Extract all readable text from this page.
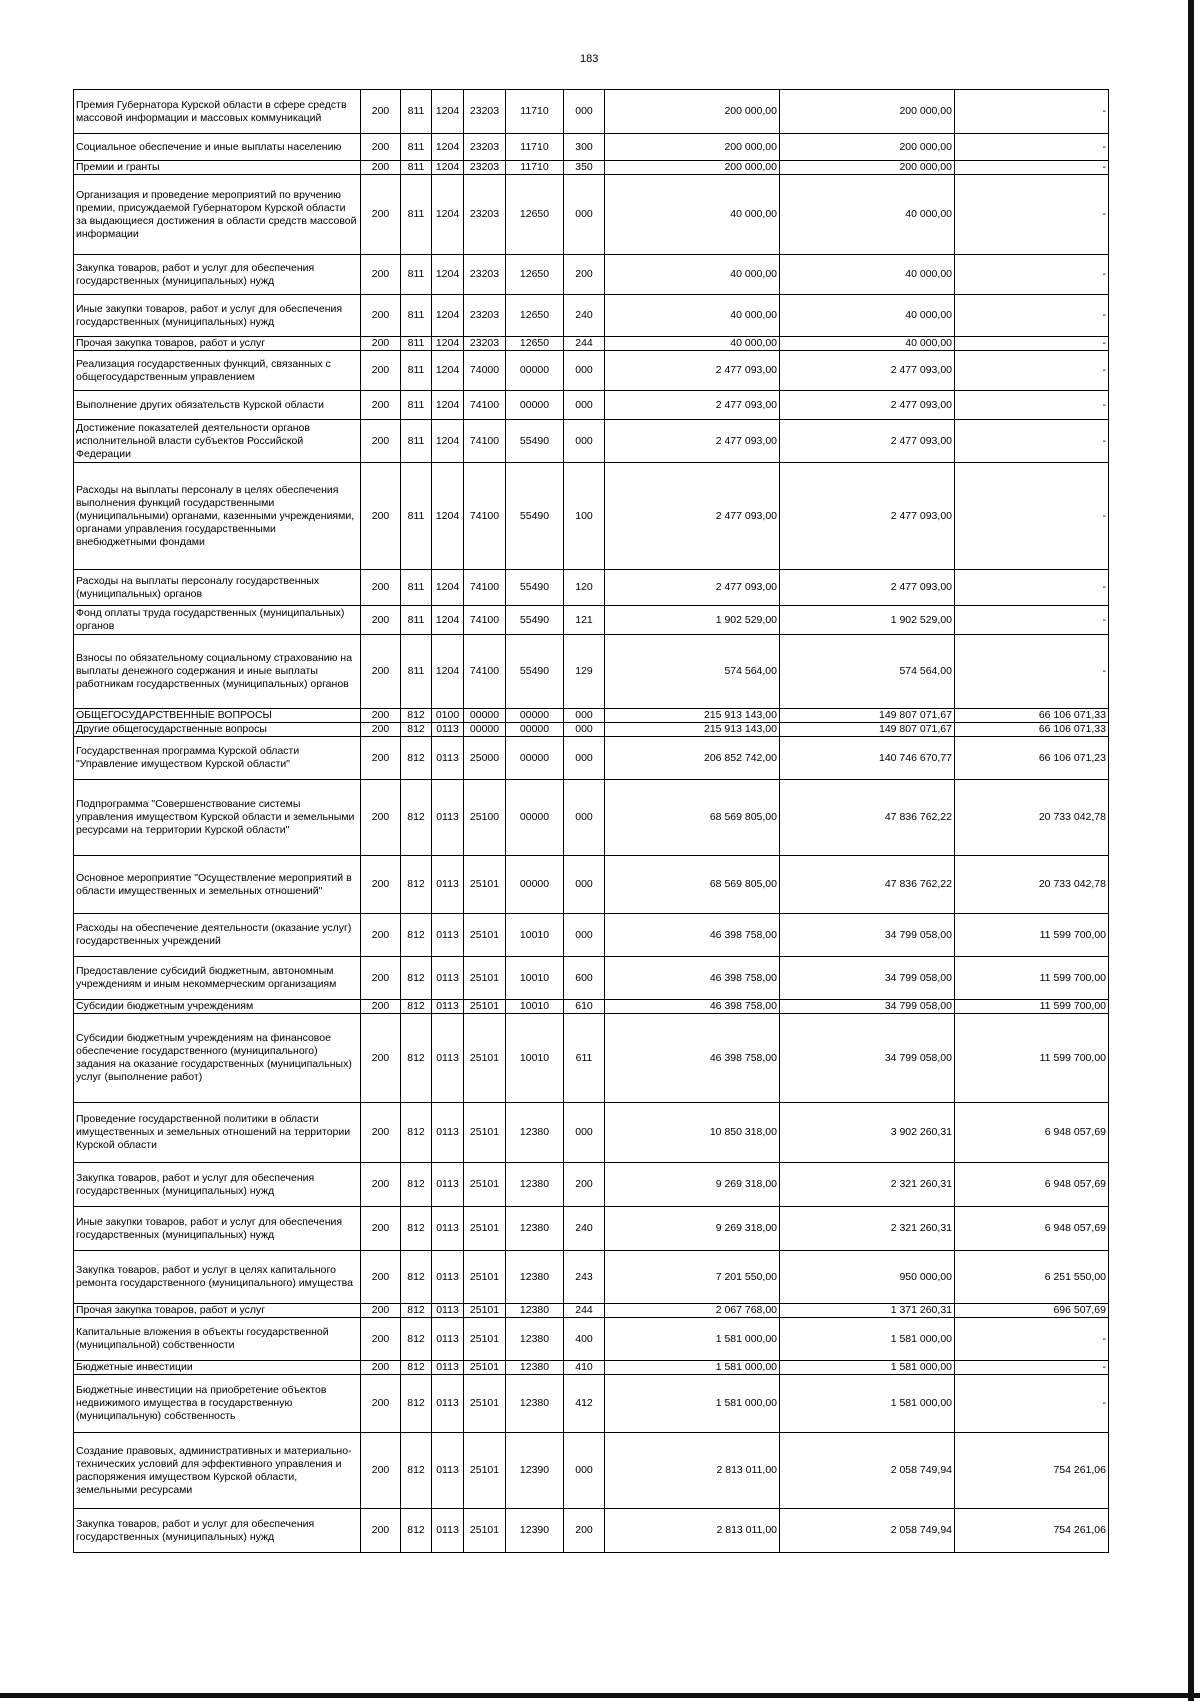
183
Премия Губернатора Курской области в сфере средств массовой информации и массовых коммуникаций	200	811	1204	23203	11710	000	200 000,00	200 000,00	-
Социальное обеспечение и иные выплаты населению	200	811	1204	23203	11710	300	200 000,00	200 000,00	-
Премии и гранты	200	811	1204	23203	11710	350	200 000,00	200 000,00	-
Организация и проведение мероприятий по вручению премии, присуждаемой Губернатором Курской области за выдающиеся достижения в области средств массовой информации	200	811	1204	23203	12650	000	40 000,00	40 000,00	-
Закупка товаров, работ и услуг для обеспечения государственных (муниципальных) нужд	200	811	1204	23203	12650	200	40 000,00	40 000,00	-
Иные закупки товаров, работ и услуг для обеспечения государственных (муниципальных) нужд	200	811	1204	23203	12650	240	40 000,00	40 000,00	-
Прочая закупка товаров, работ и услуг	200	811	1204	23203	12650	244	40 000,00	40 000,00	-
Реализация государственных функций, связанных с общегосударственным управлением	200	811	1204	74000	00000	000	2 477 093,00	2 477 093,00	-
Выполнение других обязательств Курской области	200	811	1204	74100	00000	000	2 477 093,00	2 477 093,00	-
Достижение показателей деятельности органов исполнительной власти субъектов Российской Федерации	200	811	1204	74100	55490	000	2 477 093,00	2 477 093,00	-
Расходы на выплаты персоналу в целях обеспечения выполнения функций государственными (муниципальными) органами, казенными учреждениями, органами управления государственными внебюджетными фондами	200	811	1204	74100	55490	100	2 477 093,00	2 477 093,00	-
Расходы на выплаты персоналу государственных (муниципальных) органов	200	811	1204	74100	55490	120	2 477 093,00	2 477 093,00	-
Фонд оплаты труда государственных (муниципальных) органов	200	811	1204	74100	55490	121	1 902 529,00	1 902 529,00	-
Взносы по обязательному социальному страхованию на выплаты денежного содержания и иные выплаты работникам государственных (муниципальных) органов	200	811	1204	74100	55490	129	574 564,00	574 564,00	-
ОБЩЕГОСУДАРСТВЕННЫЕ ВОПРОСЫ	200	812	0100	00000	00000	000	215 913 143,00	149 807 071,67	66 106 071,33
Другие общегосударственные вопросы	200	812	0113	00000	00000	000	215 913 143,00	149 807 071,67	66 106 071,33
Государственная программа Курской области "Управление имуществом Курской области"	200	812	0113	25000	00000	000	206 852 742,00	140 746 670,77	66 106 071,23
Подпрограмма "Совершенствование системы управления имуществом Курской области и земельными ресурсами на территории Курской области"	200	812	0113	25100	00000	000	68 569 805,00	47 836 762,22	20 733 042,78
Основное мероприятие "Осуществление мероприятий в области имущественных и земельных отношений"	200	812	0113	25101	00000	000	68 569 805,00	47 836 762,22	20 733 042,78
Расходы на обеспечение деятельности (оказание услуг) государственных учреждений	200	812	0113	25101	10010	000	46 398 758,00	34 799 058,00	11 599 700,00
Предоставление субсидий бюджетным, автономным учреждениям и иным некоммерческим организациям	200	812	0113	25101	10010	600	46 398 758,00	34 799 058,00	11 599 700,00
Субсидии бюджетным учреждениям	200	812	0113	25101	10010	610	46 398 758,00	34 799 058,00	11 599 700,00
Субсидии бюджетным учреждениям на финансовое обеспечение государственного (муниципального) задания на оказание государственных (муниципальных) услуг (выполнение работ)	200	812	0113	25101	10010	611	46 398 758,00	34 799 058,00	11 599 700,00
Проведение государственной политики в области имущественных и земельных отношений на территории Курской области	200	812	0113	25101	12380	000	10 850 318,00	3 902 260,31	6 948 057,69
Закупка товаров, работ и услуг для обеспечения государственных (муниципальных) нужд	200	812	0113	25101	12380	200	9 269 318,00	2 321 260,31	6 948 057,69
Иные закупки товаров, работ и услуг для обеспечения государственных (муниципальных) нужд	200	812	0113	25101	12380	240	9 269 318,00	2 321 260,31	6 948 057,69
Закупка товаров, работ и услуг в целях капитального ремонта государственного (муниципального) имущества	200	812	0113	25101	12380	243	7 201 550,00	950 000,00	6 251 550,00
Прочая закупка товаров, работ и услуг	200	812	0113	25101	12380	244	2 067 768,00	1 371 260,31	696 507,69
Капитальные вложения в объекты государственной (муниципальной) собственности	200	812	0113	25101	12380	400	1 581 000,00	1 581 000,00	-
Бюджетные инвестиции	200	812	0113	25101	12380	410	1 581 000,00	1 581 000,00	-
Бюджетные инвестиции на приобретение объектов недвижимого имущества в государственную (муниципальную) собственность	200	812	0113	25101	12380	412	1 581 000,00	1 581 000,00	-
Создание правовых, административных и материально-технических условий для эффективного управления и распоряжения имуществом Курской области, земельными ресурсами	200	812	0113	25101	12390	000	2 813 011,00	2 058 749,94	754 261,06
Закупка товаров, работ и услуг для обеспечения государственных (муниципальных) нужд	200	812	0113	25101	12390	200	2 813 011,00	2 058 749,94	754 261,06
